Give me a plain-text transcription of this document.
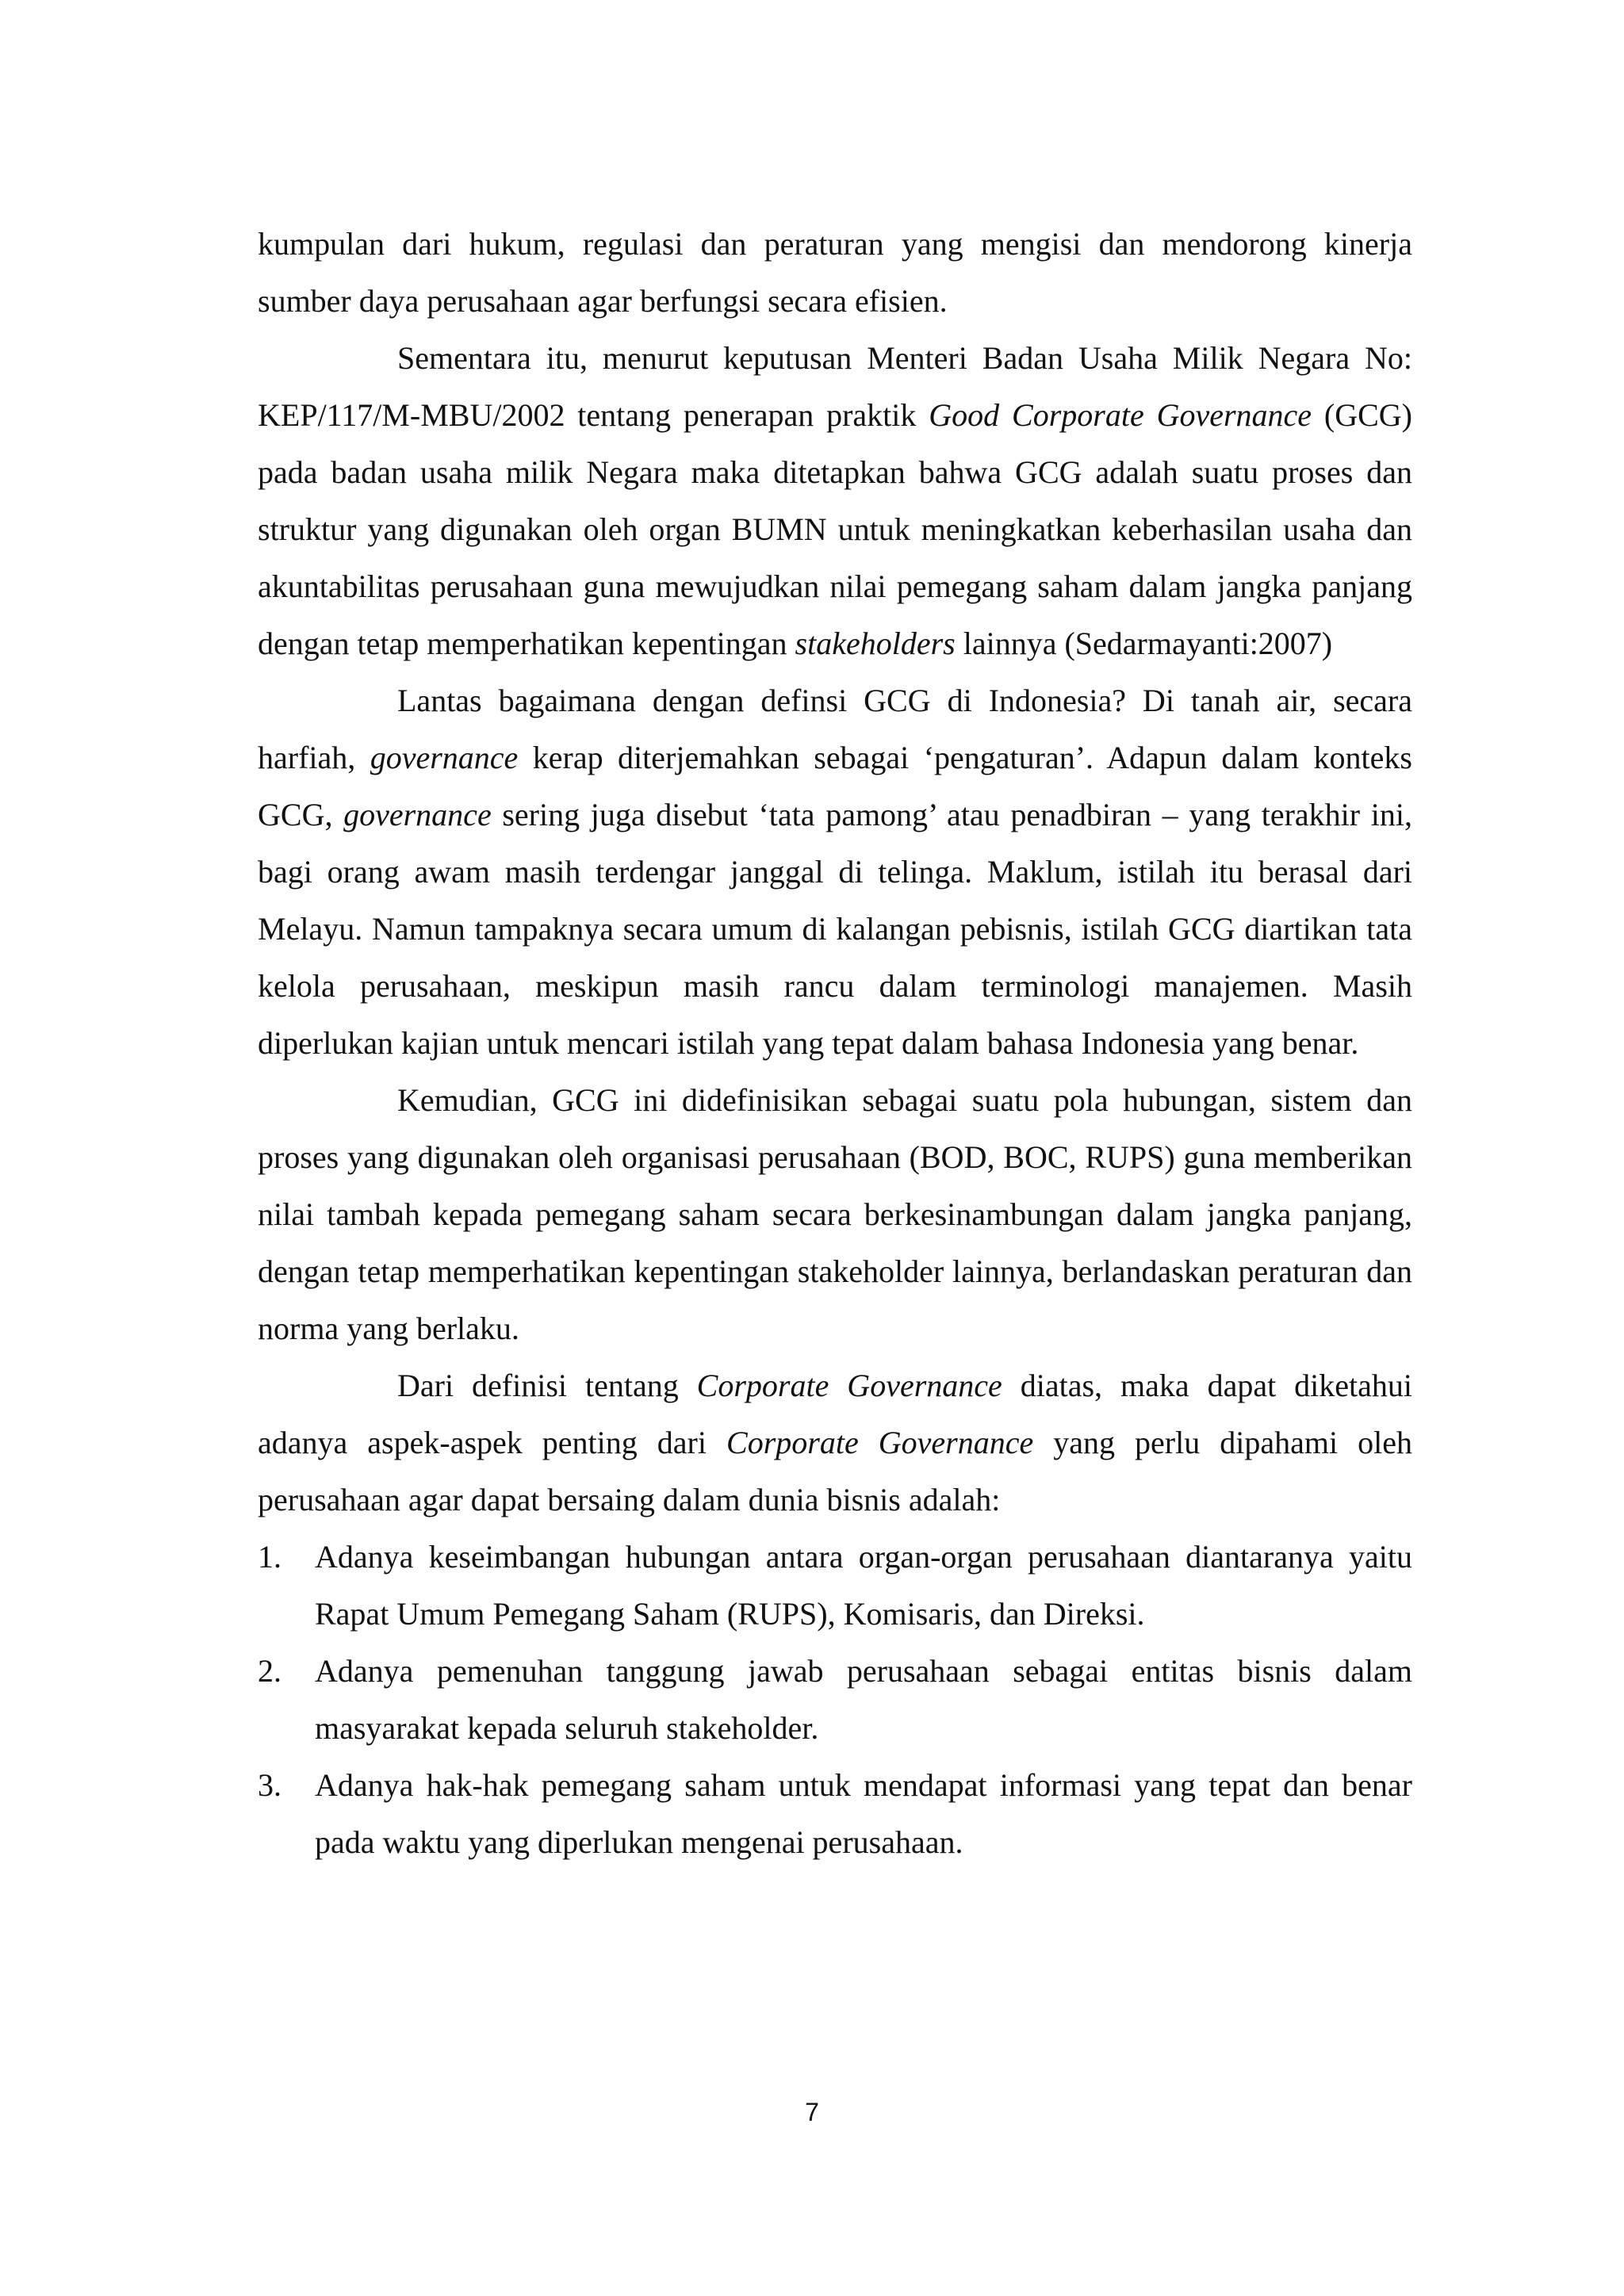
kumpulan dari hukum, regulasi dan peraturan yang mengisi dan mendorong kinerja sumber daya perusahaan agar berfungsi secara efisien.

Sementara itu, menurut keputusan Menteri Badan Usaha Milik Negara No: KEP/117/M-MBU/2002 tentang penerapan praktik Good Corporate Governance (GCG) pada badan usaha milik Negara maka ditetapkan bahwa GCG adalah suatu proses dan struktur yang digunakan oleh organ BUMN untuk meningkatkan keberhasilan usaha dan akuntabilitas perusahaan guna mewujudkan nilai pemegang saham dalam jangka panjang dengan tetap memperhatikan kepentingan stakeholders lainnya (Sedarmayanti:2007)

Lantas bagaimana dengan definsi GCG di Indonesia? Di tanah air, secara harfiah, governance kerap diterjemahkan sebagai ‘pengaturan’. Adapun dalam konteks GCG, governance sering juga disebut ‘tata pamong’ atau penadbiran – yang terakhir ini, bagi orang awam masih terdengar janggal di telinga. Maklum, istilah itu berasal dari Melayu. Namun tampaknya secara umum di kalangan pebisnis, istilah GCG diartikan tata kelola perusahaan, meskipun masih rancu dalam terminologi manajemen. Masih diperlukan kajian untuk mencari istilah yang tepat dalam bahasa Indonesia yang benar.

Kemudian, GCG ini didefinisikan sebagai suatu pola hubungan, sistem dan proses yang digunakan oleh organisasi perusahaan (BOD, BOC, RUPS) guna memberikan nilai tambah kepada pemegang saham secara berkesinambungan dalam jangka panjang, dengan tetap memperhatikan kepentingan stakeholder lainnya, berlandaskan peraturan dan norma yang berlaku.

Dari definisi tentang Corporate Governance diatas, maka dapat diketahui adanya aspek-aspek penting dari Corporate Governance yang perlu dipahami oleh perusahaan agar dapat bersaing dalam dunia bisnis adalah:

1. Adanya keseimbangan hubungan antara organ-organ perusahaan diantaranya yaitu Rapat Umum Pemegang Saham (RUPS), Komisaris, dan Direksi.
2. Adanya pemenuhan tanggung jawab perusahaan sebagai entitas bisnis dalam masyarakat kepada seluruh stakeholder.
3. Adanya hak-hak pemegang saham untuk mendapat informasi yang tepat dan benar pada waktu yang diperlukan mengenai perusahaan.
7
